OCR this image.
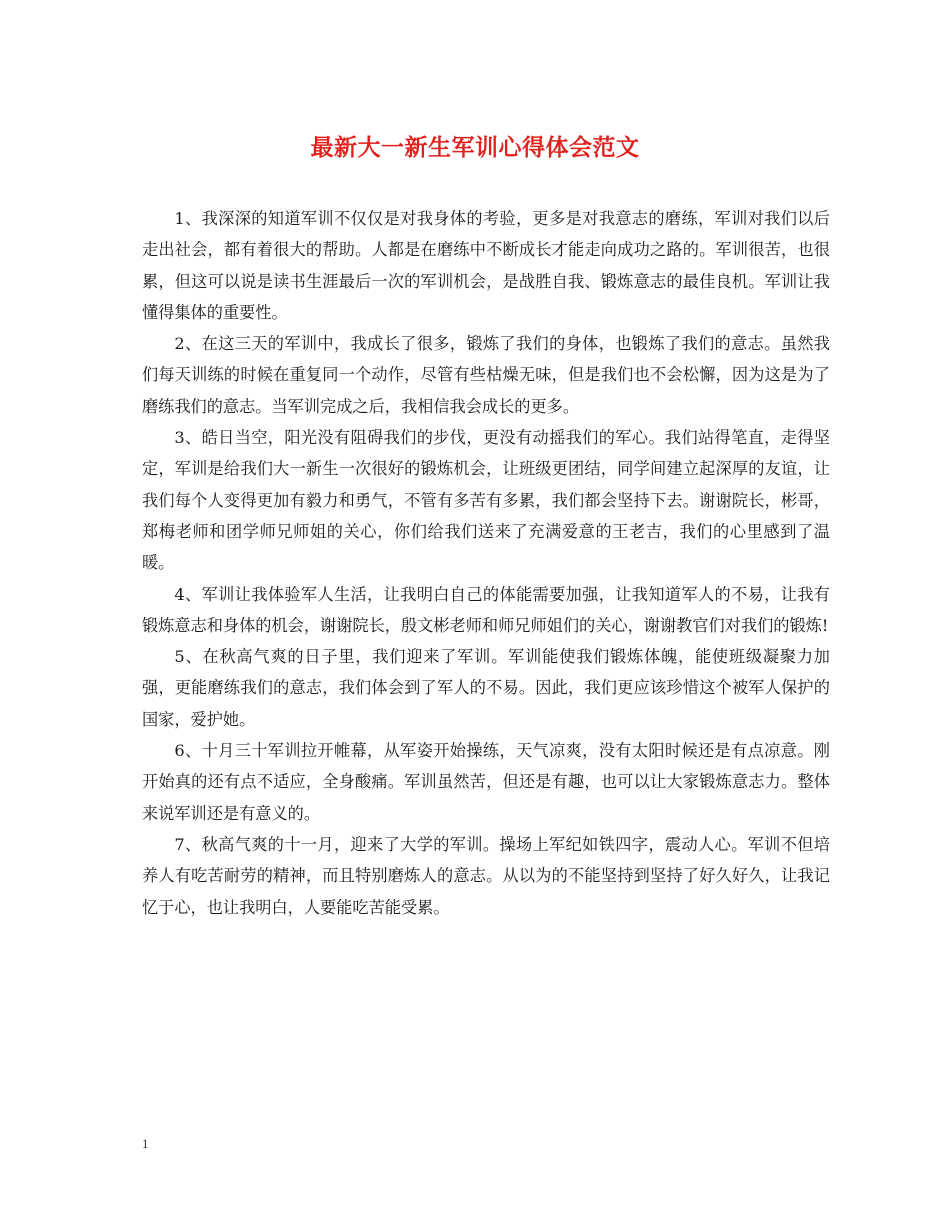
最新大一新生军训心得体会范文

1、我深深的知道军训不仅仅是对我身体的考验，更多是对我意志的磨练，军训对我们以后走出社会，都有着很大的帮助。人都是在磨练中不断成长才能走向成功之路的。军训很苦，也很累，但这可以说是读书生涯最后一次的军训机会，是战胜自我、锻炼意志的最佳良机。军训让我懂得集体的重要性。

2、在这三天的军训中，我成长了很多，锻炼了我们的身体，也锻炼了我们的意志。虽然我们每天训练的时候在重复同一个动作，尽管有些枯燥无味，但是我们也不会松懈，因为这是为了磨练我们的意志。当军训完成之后，我相信我会成长的更多。

3、皓日当空，阳光没有阻碍我们的步伐，更没有动摇我们的军心。我们站得笔直，走得坚定，军训是给我们大一新生一次很好的锻炼机会，让班级更团结，同学间建立起深厚的友谊，让我们每个人变得更加有毅力和勇气，不管有多苦有多累，我们都会坚持下去。谢谢院长，彬哥，郑梅老师和团学师兄师姐的关心，你们给我们送来了充满爱意的王老吉，我们的心里感到了温暖。

4、军训让我体验军人生活，让我明白自己的体能需要加强，让我知道军人的不易，让我有锻炼意志和身体的机会，谢谢院长，殷文彬老师和师兄师姐们的关心，谢谢教官们对我们的锻炼!

5、在秋高气爽的日子里，我们迎来了军训。军训能使我们锻炼体魄，能使班级凝聚力加强，更能磨练我们的意志，我们体会到了军人的不易。因此，我们更应该珍惜这个被军人保护的国家，爱护她。

6、十月三十军训拉开帷幕，从军姿开始操练，天气凉爽，没有太阳时候还是有点凉意。刚开始真的还有点不适应，全身酸痛。军训虽然苦，但还是有趣，也可以让大家锻炼意志力。整体来说军训还是有意义的。

7、秋高气爽的十一月，迎来了大学的军训。操场上军纪如铁四字，震动人心。军训不但培养人有吃苦耐劳的精神，而且特别磨炼人的意志。从以为的不能坚持到坚持了好久好久，让我记忆于心，也让我明白，人要能吃苦能受累。

1
